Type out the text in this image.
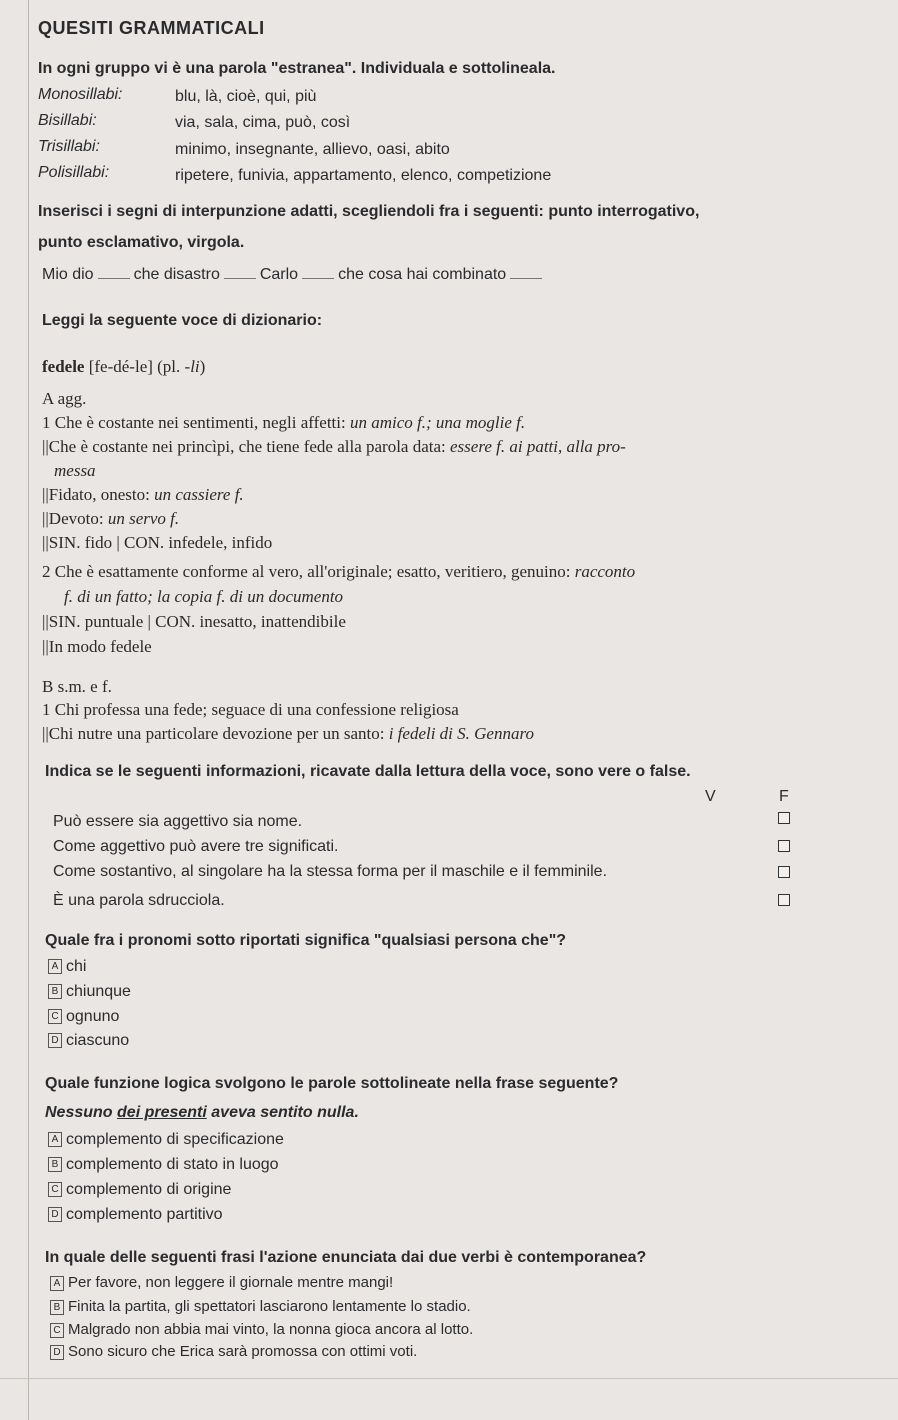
QUESITI GRAMMATICALI
In ogni gruppo vi è una parola "estranea". Individuala e sottolineala.
Monosillabi:	blu, là, cioè, qui, più
Bisillabi:	via, sala, cima, può, così
Trisillabi:	minimo, insegnante, allievo, oasi, abito
Polisillabi:	ripetere, funivia, appartamento, elenco, competizione
Inserisci i segni di interpunzione adatti, scegliendoli fra i seguenti: punto interrogativo,
punto esclamativo, virgola.
Mio dio	che disastro	Carlo	che cosa hai combinato
Leggi la seguente voce di dizionario:
fedele [fe-dé-le] (pl. -li)
A agg.
1 Che è costante nei sentimenti, negli affetti: un amico f.; una moglie f.
||Che è costante nei princìpi, che tiene fede alla parola data: essere f. ai patti, alla pro-
messa
||Fidato, onesto: un cassiere f.
||Devoto: un servo f.
||SIN. fido | CON. infedele, infido
2 Che è esattamente conforme al vero, all'originale; esatto, veritiero, genuino: racconto
f. di un fatto; la copia f. di un documento
||SIN. puntuale | CON. inesatto, inattendibile
||In modo fedele
B s.m. e f.
1 Chi professa una fede; seguace di una confessione religiosa
||Chi nutre una particolare devozione per un santo: i fedeli di S. Gennaro
Indica se le seguenti informazioni, ricavate dalla lettura della voce, sono vere o false.
V	F
Può essere sia aggettivo sia nome.
Come aggettivo può avere tre significati.
Come sostantivo, al singolare ha la stessa forma per il maschile e il femminile.
È una parola sdrucciola.
Quale fra i pronomi sotto riportati significa "qualsiasi persona che"?
A chi
B chiunque
C ognuno
D ciascuno
Quale funzione logica svolgono le parole sottolineate nella frase seguente?
Nessuno dei presenti aveva sentito nulla.
A complemento di specificazione
B complemento di stato in luogo
C complemento di origine
D complemento partitivo
In quale delle seguenti frasi l'azione enunciata dai due verbi è contemporanea?
A Per favore, non leggere il giornale mentre mangi!
B Finita la partita, gli spettatori lasciarono lentamente lo stadio.
C Malgrado non abbia mai vinto, la nonna gioca ancora al lotto.
D Sono sicuro che Erica sarà promossa con ottimi voti.
